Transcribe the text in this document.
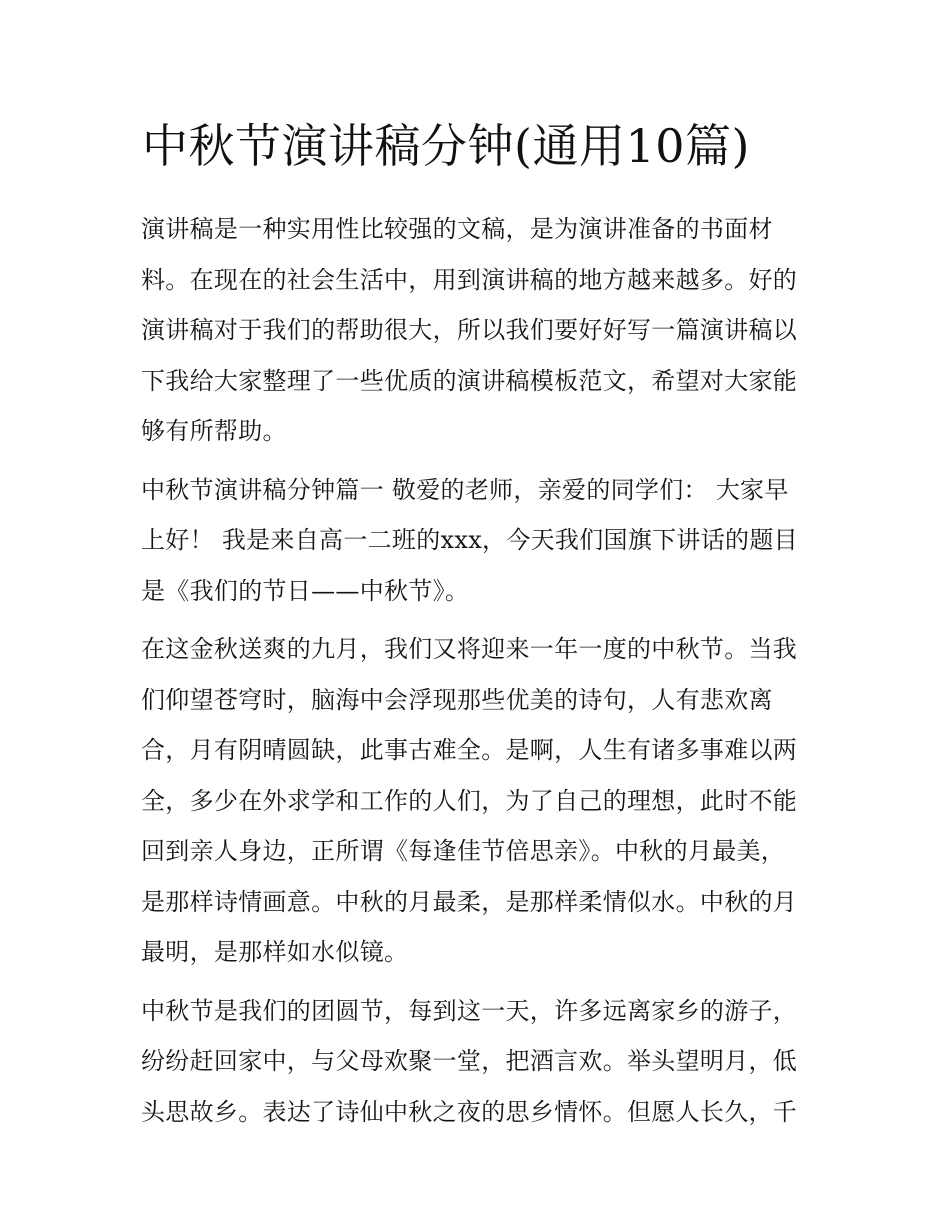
中秋节演讲稿分钟(通用10篇)

演讲稿是一种实用性比较强的文稿，是为演讲准备的书面材
料。在现在的社会生活中，用到演讲稿的地方越来越多。好的
演讲稿对于我们的帮助很大，所以我们要好好写一篇演讲稿以
下我给大家整理了一些优质的演讲稿模板范文，希望对大家能
够有所帮助。

中秋节演讲稿分钟篇一 敬爱的老师，亲爱的同学们： 大家早
上好！ 我是来自高一二班的xxx，今天我们国旗下讲话的题目
是《我们的节日——中秋节》。

在这金秋送爽的九月，我们又将迎来一年一度的中秋节。当我
们仰望苍穹时，脑海中会浮现那些优美的诗句，人有悲欢离
合，月有阴晴圆缺，此事古难全。是啊，人生有诸多事难以两
全，多少在外求学和工作的人们，为了自己的理想，此时不能
回到亲人身边，正所谓《每逢佳节倍思亲》。中秋的月最美，
是那样诗情画意。中秋的月最柔，是那样柔情似水。中秋的月
最明，是那样如水似镜。

中秋节是我们的团圆节，每到这一天，许多远离家乡的游子，
纷纷赶回家中，与父母欢聚一堂，把酒言欢。举头望明月，低
头思故乡。表达了诗仙中秋之夜的思乡情怀。但愿人长久，千
